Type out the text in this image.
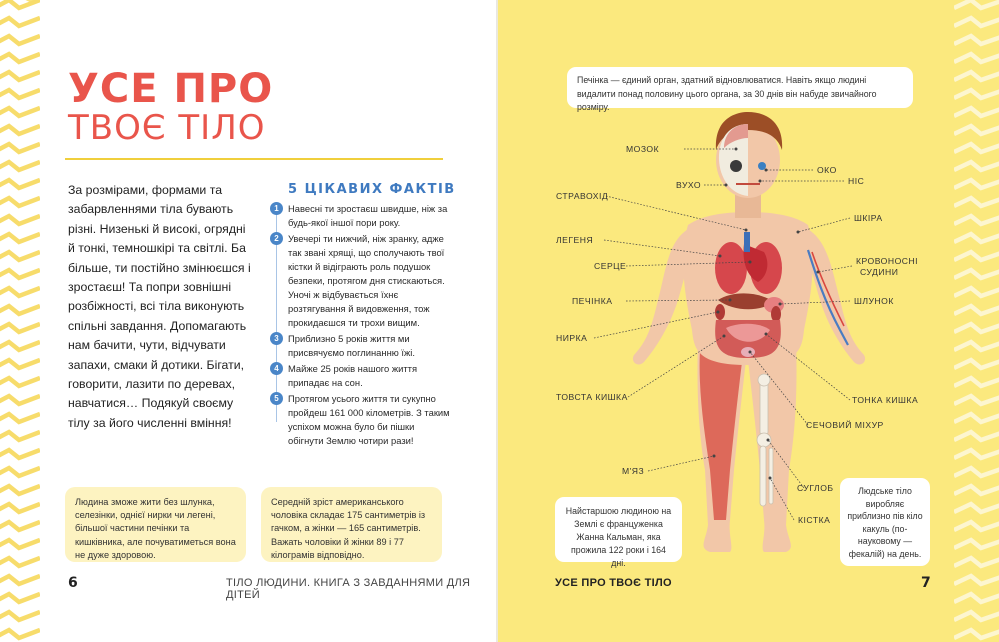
УСЕ ПРО
ТВОЄ ТІЛО
За розмірами, формами та забарвленнями тіла бувають різні. Низенькі й високі, огрядні й тонкі, темношкірі та світлі. Ба більше, ти постійно змінюєшся і зростаєш! Та попри зовнішні розбіжності, всі тіла виконують спільні завдання. Допомагають нам бачити, чути, відчувати запахи, смаки й дотики. Бігати, говорити, лазити по деревах, навчатися… Подякуй своєму тілу за його численні вміння!
5 ЦІКАВИХ ФАКТІВ
1 Навесні ти зростаєш швидше, ніж за будь-якої іншої пори року.
2 Увечері ти нижчий, ніж зранку, адже так звані хрящі, що сполучають твої кістки й відіграють роль подушок безпеки, протягом дня стискаються. Уночі ж відбувається їхнє розтягування й видовження, тож прокидаєшся ти трохи вищим.
3 Приблизно 5 років життя ми присвячуємо поглинанню їжі.
4 Майже 25 років нашого життя припадає на сон.
5 Протягом усього життя ти сукупно пройдеш 161 000 кілометрів. З таким успіхом можна було би пішки обігнути Землю чотири рази!
Людина зможе жити без шлунка, селезінки, однієї нирки чи легені, більшої частини печінки та кишківника, але почуватиметься вона не дуже здоровою.
Середній зріст американського чоловіка складає 175 сантиметрів із гачком, а жінки — 165 сантиметрів. Важать чоловіки й жінки 89 і 77 кілограмів відповідно.
6	ТІЛО ЛЮДИНИ. КНИГА З ЗАВДАННЯМИ ДЛЯ ДІТЕЙ
Печінка — єдиний орган, здатний відновлюватися. Навіть якщо людині видалити понад половину цього органа, за 30 днів він набуде звичайного розміру.
МОЗОК
ВУХО
ОКО
НІС
СТРАВОХІД
ШКІРА
ЛЕГЕНЯ
СЕРЦЕ	КРОВОНОСНІ СУДИНИ
ПЕЧІНКА	ШЛУНОК
НИРКА
ТОВСТА КИШКА	ТОНКА КИШКА
СЕЧОВИЙ МІХУР
М'ЯЗ
СУГЛОБ
КІСТКА
Найстаршою людиною на Землі є француженка Жанна Кальман, яка прожила 122 роки і 164 дні.
Людське тіло виробляє приблизно пів кіло какуль (по-науковому — фекалій) на день.
УСЕ ПРО ТВОЄ ТІЛО	7
